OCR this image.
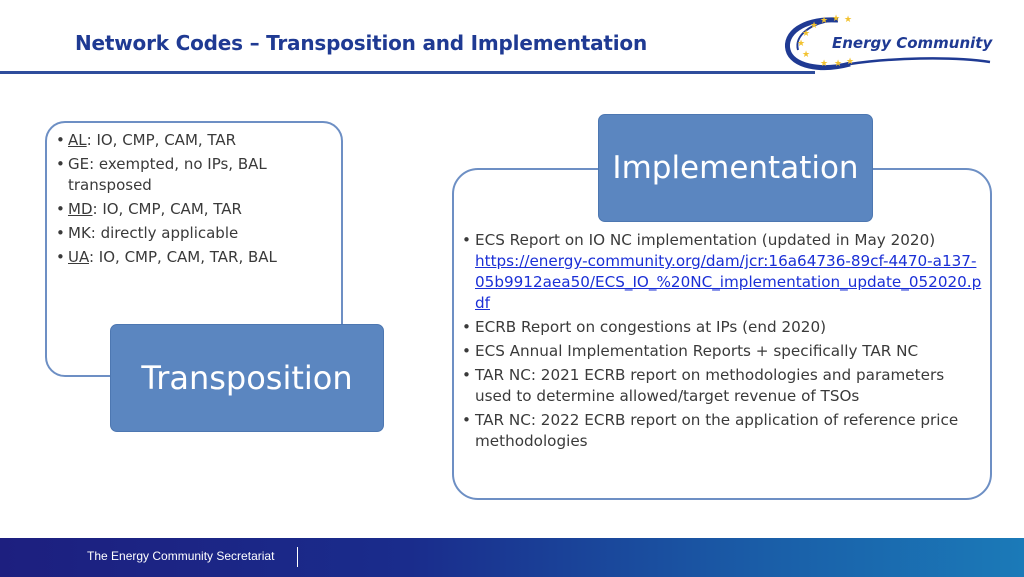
Network Codes – Transposition and Implementation
★ ★ ★ ★
★
★
★
★ ★ ★
Energy Community
• AL: IO, CMP, CAM, TAR
• GE: exempted, no IPs, BAL transposed
• MD: IO, CMP, CAM, TAR
• MK: directly applicable
• UA: IO, CMP, CAM, TAR, BAL
Transposition
Implementation
• ECS Report on IO NC implementation (updated in May 2020)
https://energy-community.org/dam/jcr:16a64736-89cf-4470-a137-05b9912aea50/ECS_IO_%20NC_implementation_update_052020.pdf
• ECRB Report on congestions at IPs (end 2020)
• ECS Annual Implementation Reports + specifically TAR NC
• TAR NC: 2021 ECRB report on methodologies and parameters used to determine allowed/target revenue of TSOs
• TAR NC: 2022 ECRB report on the application of reference price methodologies
The Energy Community Secretariat
